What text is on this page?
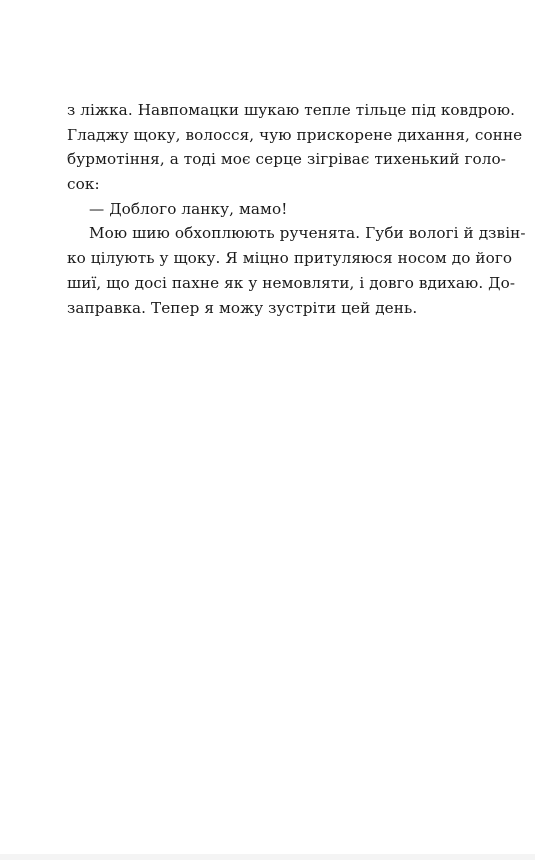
з ліжка. Навпомацки шукаю тепле тільце під ковдрою.
Гладжу щоку, волосся, чую прискорене дихання, сонне
бурмотіння, а тоді моє серце зігріває тихенький голо-
сок:
— Доблого ланку, мамо!
Мою шию обхоплюють рученята. Губи вологі й дзвін-
ко цілують у щоку. Я міцно притуляюся носом до його
шиї, що досі пахне як у немовляти, і довго вдихаю. До-
заправка. Тепер я можу зустріти цей день.
